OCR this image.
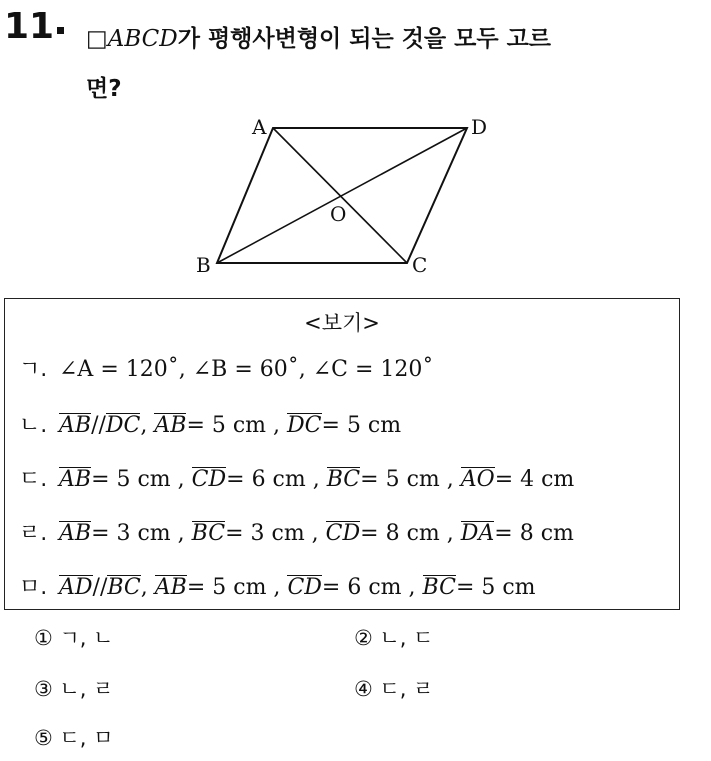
11	□ABCD가 평행사변형이 되는 것을 모두 고르
면?
A	D
B	C
O
<보기>
ㄱ. ∠A = 120˚, ∠B = 60˚, ∠C = 120˚
ㄴ. AB//DC, AB= 5 cm , DC= 5 cm
ㄷ. AB= 5 cm , CD= 6 cm , BC= 5 cm , AO= 4 cm
ㄹ. AB= 3 cm , BC= 3 cm , CD= 8 cm , DA= 8 cm
ㅁ. AD//BC, AB= 5 cm , CD= 6 cm , BC= 5 cm
① ㄱ, ㄴ	② ㄴ, ㄷ
③ ㄴ, ㄹ	④ ㄷ, ㄹ
⑤ ㄷ, ㅁ
